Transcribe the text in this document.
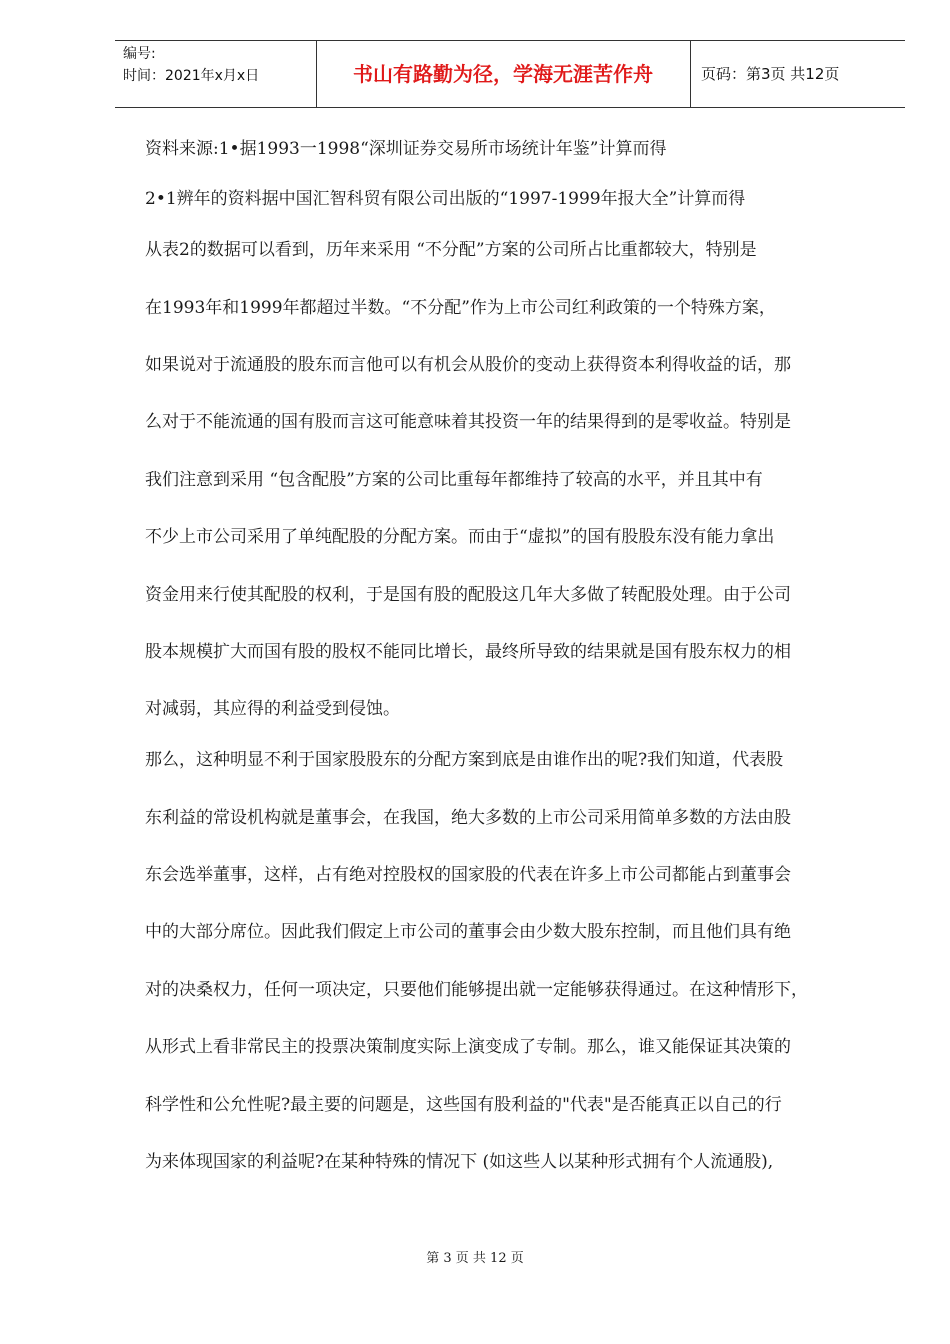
编号:
时间：2021年x月x日	书山有路勤为径，学海无涯苦作舟	页码：第3页 共12页
资料来源:1•据1993一1998“深圳证券交易所市场统计年鉴”计算而得
2•1辨年的资料据中国汇智科贸有限公司出版的“1997-1999年报大全”计算而得
从表2的数据可以看到，历年来采用 “不分配”方案的公司所占比重都较大，特别是
在1993年和1999年都超过半数。“不分配”作为上市公司红利政策的一个特殊方案，
如果说对于流通股的股东而言他可以有机会从股价的变动上获得资本利得收益的话，那
么对于不能流通的国有股而言这可能意味着其投资一年的结果得到的是零收益。特别是
我们注意到采用 “包含配股”方案的公司比重每年都维持了较高的水平，并且其中有
不少上市公司采用了单纯配股的分配方案。而由于“虚拟”的国有股股东没有能力拿出
资金用来行使其配股的权利，于是国有股的配股这几年大多做了转配股处理。由于公司
股本规模扩大而国有股的股权不能同比增长，最终所导致的结果就是国有股东权力的相
对减弱，其应得的利益受到侵蚀。
那么，这种明显不利于国家股股东的分配方案到底是由谁作出的呢?我们知道，代表股
东利益的常设机构就是董事会，在我国，绝大多数的上市公司采用简单多数的方法由股
东会选举董事，这样，占有绝对控股权的国家股的代表在许多上市公司都能占到董事会
中的大部分席位。因此我们假定上市公司的董事会由少数大股东控制，而且他们具有绝
对的决桑权力，任何一项决定，只要他们能够提出就一定能够获得通过。在这种情形下，
从形式上看非常民主的投票决策制度实际上演变成了专制。那么，谁又能保证其决策的
科学性和公允性呢?最主要的问题是，这些国有股利益的"代表"是否能真正以自己的行
为来体现国家的利益呢?在某种特殊的情况下 (如这些人以某种形式拥有个人流通股),
第 3 页 共 12 页
